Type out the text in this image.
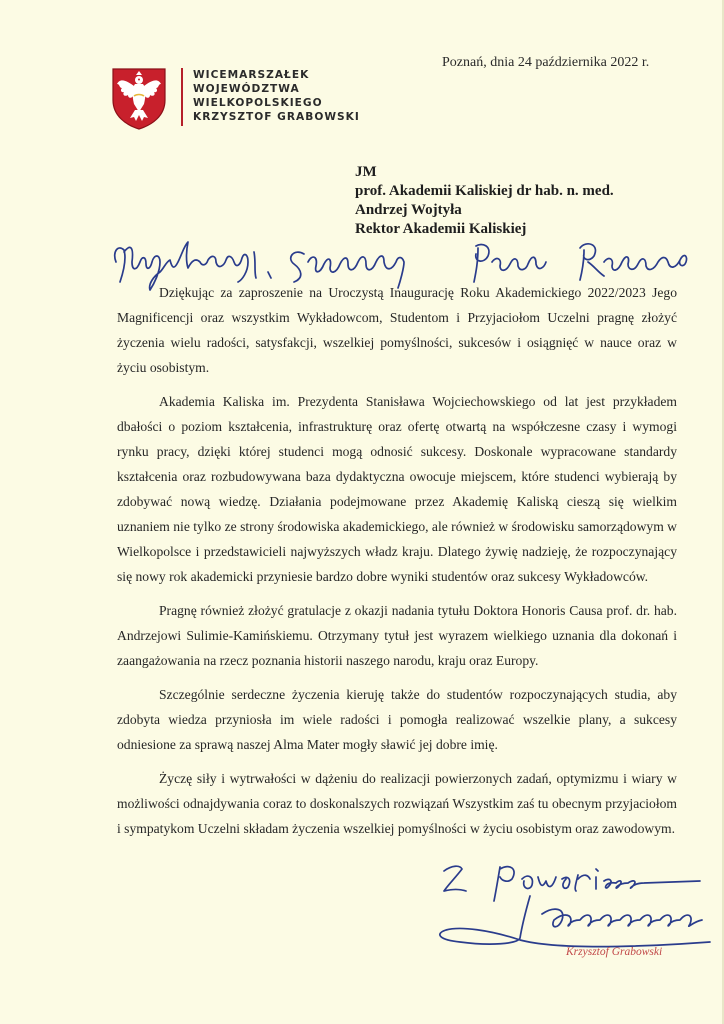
Poznań, dnia 24 października 2022 r.
WICEMARSZAŁEK
WOJEWÓDZTWA
WIELKOPOLSKIEGO
KRZYSZTOF GRABOWSKI
JM
prof. Akademii Kaliskiej dr hab. n. med.
Andrzej Wojtyła
Rektor Akademii Kaliskiej

Dziękując za zaproszenie na Uroczystą Inaugurację Roku Akademickiego 2022/2023 Jego Magnificencji oraz wszystkim Wykładowcom, Studentom i Przyjaciołom Uczelni pragnę złożyć życzenia wielu radości, satysfakcji, wszelkiej pomyślności, sukcesów i osiągnięć w nauce oraz w życiu osobistym.

Akademia Kaliska im. Prezydenta Stanisława Wojciechowskiego od lat jest przykładem dbałości o poziom kształcenia, infrastrukturę oraz ofertę otwartą na współczesne czasy i wymogi rynku pracy, dzięki której studenci mogą odnosić sukcesy. Doskonale wypracowane standardy kształcenia oraz rozbudowywana baza dydaktyczna owocuje miejscem, które studenci wybierają by zdobywać nową wiedzę. Działania podejmowane przez Akademię Kaliską cieszą się wielkim uznaniem nie tylko ze strony środowiska akademickiego, ale również w środowisku samorządowym w Wielkopolsce i przedstawicieli najwyższych władz kraju. Dlatego żywię nadzieję, że rozpoczynający się nowy rok akademicki przyniesie bardzo dobre wyniki studentów oraz sukcesy Wykładowców.

Pragnę również złożyć gratulacje z okazji nadania tytułu Doktora Honoris Causa prof. dr. hab. Andrzejowi Sulimie-Kamińskiemu. Otrzymany tytuł jest wyrazem wielkiego uznania dla dokonań i zaangażowania na rzecz poznania historii naszego narodu, kraju oraz Europy.

Szczególnie serdeczne życzenia kieruję także do studentów rozpoczynających studia, aby zdobyta wiedza przyniosła im wiele radości i pomogła realizować wszelkie plany, a sukcesy odniesione za sprawą naszej Alma Mater mogły sławić jej dobre imię.

Życzę siły i wytrwałości w dążeniu do realizacji powierzonych zadań, optymizmu i wiary w możliwości odnajdywania coraz to doskonalszych rozwiązań Wszystkim zaś tu obecnym przyjaciołom i sympatykom Uczelni składam życzenia wszelkiej pomyślności w życiu osobistym oraz zawodowym.

Krzysztof Grabowski
